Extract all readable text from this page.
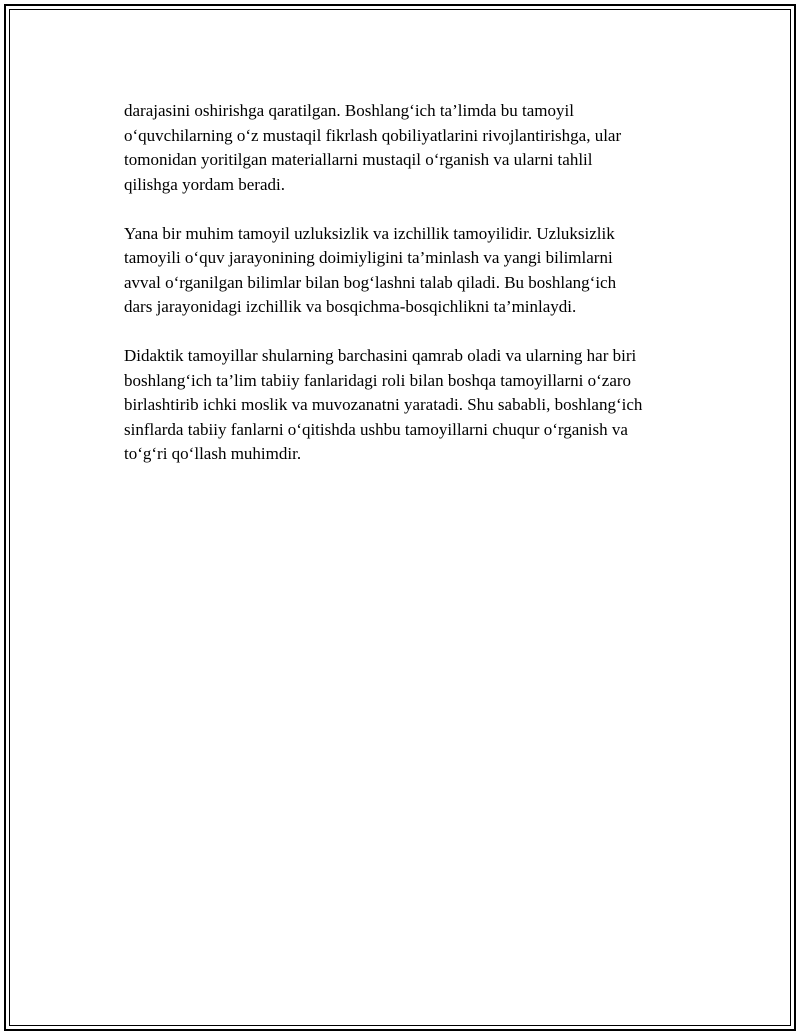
darajasini oshirishga qaratilgan. Boshlang‘ich ta’limda bu tamoyil
o‘quvchilarning o‘z mustaqil fikrlash qobiliyatlarini rivojlantirishga, ular
tomonidan yoritilgan materiallarni mustaqil o‘rganish va ularni tahlil
qilishga yordam beradi.

Yana bir muhim tamoyil uzluksizlik va izchillik tamoyilidir. Uzluksizlik
tamoyili o‘quv jarayonining doimiyligini ta’minlash va yangi bilimlarni
avval o‘rganilgan bilimlar bilan bog‘lashni talab qiladi. Bu boshlang‘ich
dars jarayonidagi izchillik va bosqichma-bosqichlikni ta’minlaydi.

Didaktik tamoyillar shularning barchasini qamrab oladi va ularning har biri
boshlang‘ich ta’lim tabiiy fanlaridagi roli bilan boshqa tamoyillarni o‘zaro
birlashtirib ichki moslik va muvozanatni yaratadi. Shu sababli, boshlang‘ich
sinflarda tabiiy fanlarni o‘qitishda ushbu tamoyillarni chuqur o‘rganish va
to‘g‘ri qo‘llash muhimdir.
